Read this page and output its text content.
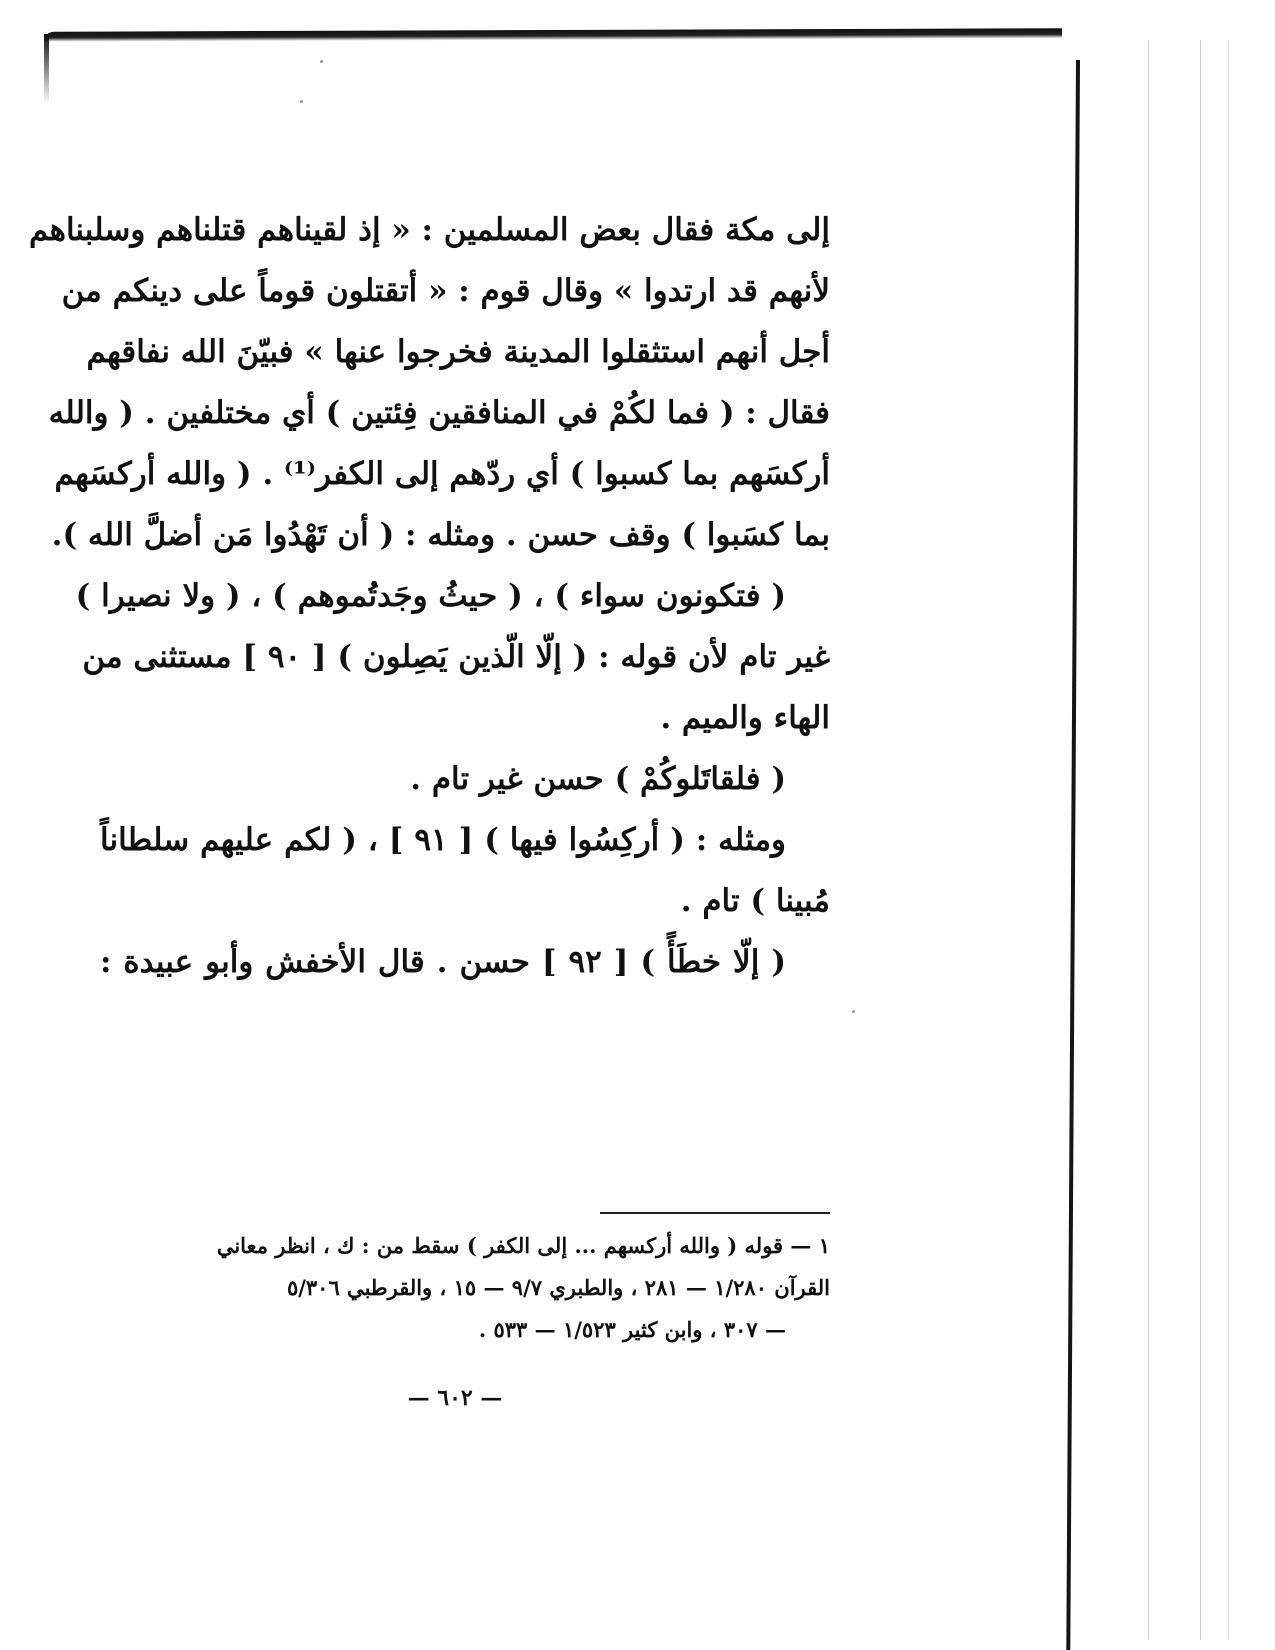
إلى مكة فقال بعض المسلمين : « إذ لقيناهم قتلناهم وسلبناهم
لأنهم قد ارتدوا » وقال قوم : « أتقتلون قوماً على دينكم من
أجل أنهم استثقلوا المدينة فخرجوا عنها » فبيّنَ الله نفاقهم
فقال : ( فما لكُمْ في المنافقين فِئتين ) أي مختلفين . ( والله
أركسَهم بما كسبوا ) أي ردّهم إلى الكفر⁽¹⁾ . ( والله أركسَهم
بما كسَبوا ) وقف حسن . ومثله : ( أن تَهْدُوا مَن أضلَّ الله ).
( فتكونون سواء ) ، ( حيثُ وجَدتُموهم ) ، ( ولا نصيرا )
غير تام لأن قوله : ( إلّا الّذين يَصِلون ) [ ٩٠ ] مستثنى من
الهاء والميم .
( فلقاتَلوكُمْ ) حسن غير تام .
ومثله : ( أركِسُوا فيها ) [ ٩١ ] ، ( لكم عليهم سلطاناً
مُبينا ) تام .
( إلّا خطَأً ) [ ٩٢ ] حسن . قال الأخفش وأبو عبيدة :
١ — قوله ( والله أركسهم ... إلى الكفر ) سقط من : ك ، انظر معاني
القرآن ١/٢٨٠ — ٢٨١ ، والطبري ٩/٧ — ١٥ ، والقرطبي ٥/٣٠٦
— ٣٠٧ ، وابن كثير ١/٥٢٣ — ٥٣٣ .
— ٦٠٢ —
